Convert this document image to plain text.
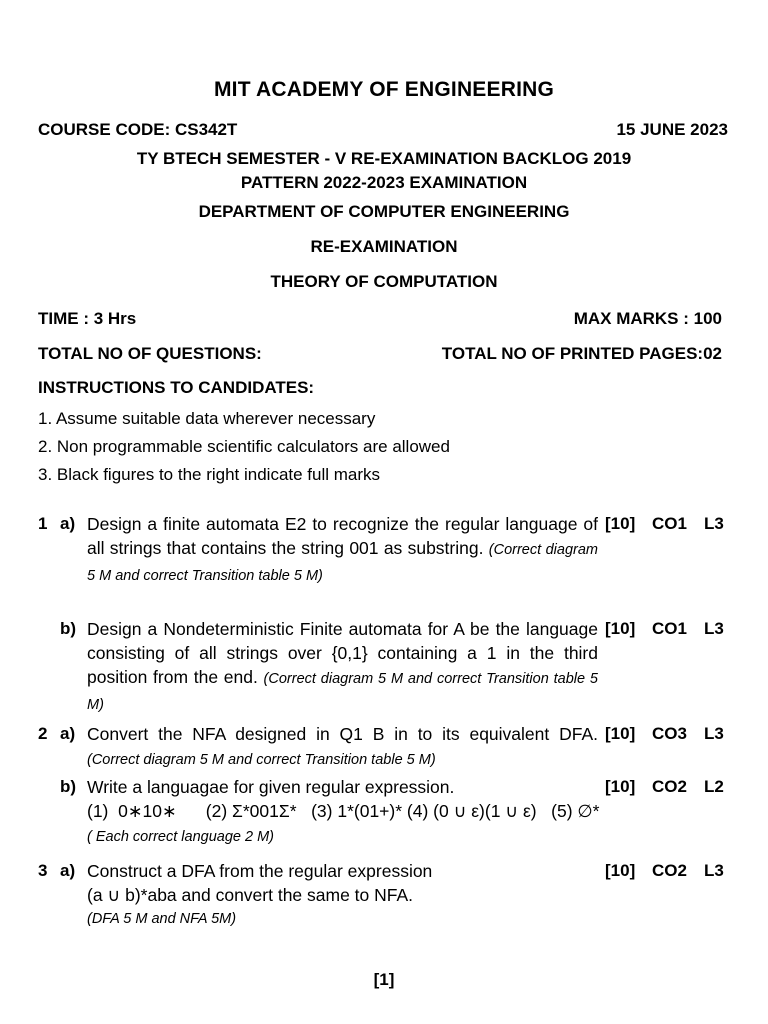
MIT ACADEMY OF ENGINEERING
COURSE CODE: CS342T	15 JUNE 2023
TY BTECH SEMESTER - V RE-EXAMINATION BACKLOG 2019
PATTERN 2022-2023 EXAMINATION
DEPARTMENT OF COMPUTER ENGINEERING
RE-EXAMINATION
THEORY OF COMPUTATION
TIME : 3 Hrs	MAX MARKS : 100
TOTAL NO OF QUESTIONS:	TOTAL NO OF PRINTED PAGES:02
INSTRUCTIONS TO CANDIDATES:
1. Assume suitable data wherever necessary
2. Non programmable scientific calculators are allowed
3. Black figures to the right indicate full marks
1 a) Design a finite automata E2 to recognize the regular language of all strings that contains the string 001 as substring. (Correct diagram 5 M and correct Transition table 5 M)
[10] CO1 L3
b) Design a Nondeterministic Finite automata for A be the language consisting of all strings over {0,1} containing a 1 in the third position from the end. (Correct diagram 5 M and correct Transition table 5 M)
[10] CO1 L3
2 a) Convert the NFA designed in Q1 B in to its equivalent DFA. (Correct diagram 5 M and correct Transition table 5 M)
[10] CO3 L3
b) Write a languagae for given regular expression.
(1)  0∗10∗      (2) Σ*001Σ*   (3) 1*(01+)* (4) (0 ∪ ε)(1 ∪ ε)   (5) ∅* ( Each correct language 2 M)
[10] CO2 L2
3 a) Construct a DFA from the regular expression
(a ∪ b)*aba and convert the same to NFA.
(DFA 5 M and NFA 5M)
[10] CO2 L3
[1]
